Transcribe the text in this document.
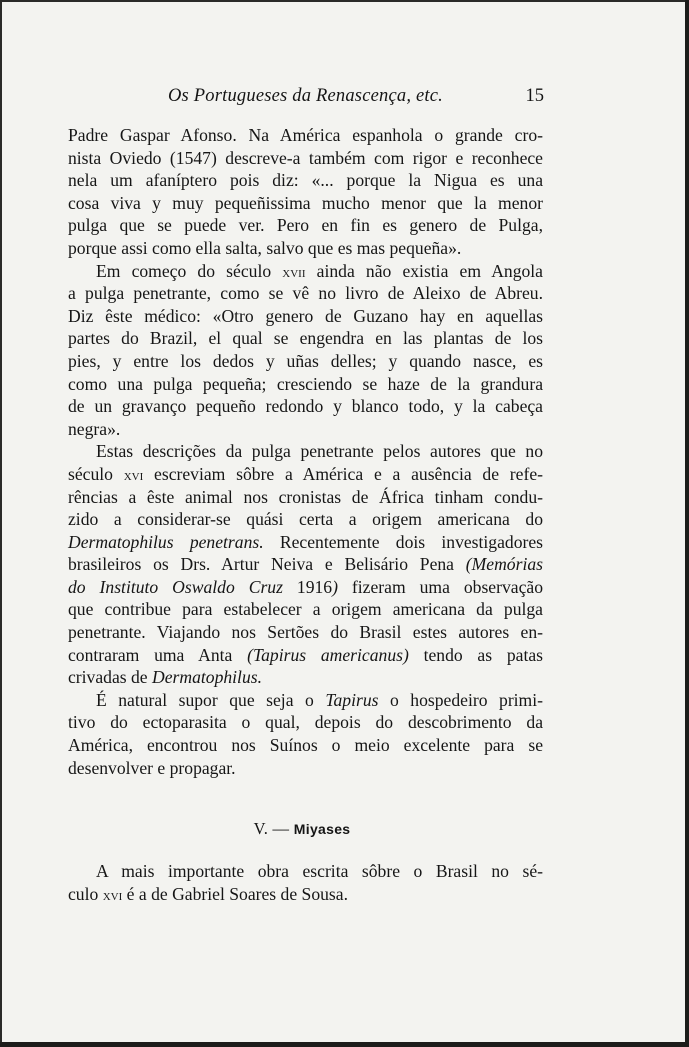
Os Portugueses da Renascença, etc.	15
Padre Gaspar Afonso. Na América espanhola o grande cro-
nista Oviedo (1547) descreve-a também com rigor e reconhece
nela um afaníptero pois diz: «... porque la Nigua es una
cosa viva y muy pequeñissima mucho menor que la menor
pulga que se puede ver. Pero en fin es genero de Pulga,
porque assi como ella salta, salvo que es mas pequeña».
Em começo do século xvii ainda não existia em Angola
a pulga penetrante, como se vê no livro de Aleixo de Abreu.
Diz êste médico: «Otro genero de Guzano hay en aquellas
partes do Brazil, el qual se engendra en las plantas de los
pies, y entre los dedos y uñas delles; y quando nasce, es
como una pulga pequeña; cresciendo se haze de la grandura
de un gravanço pequeño redondo y blanco todo, y la cabeça
negra».
Estas descrições da pulga penetrante pelos autores que no
século xvi escreviam sôbre a América e a ausência de refe-
rências a êste animal nos cronistas de África tinham condu-
zido a considerar-se quási certa a origem americana do
Dermatophilus penetrans. Recentemente dois investigadores
brasileiros os Drs. Artur Neiva e Belisário Pena (Memórias
do Instituto Oswaldo Cruz 1916) fizeram uma observação
que contribue para estabelecer a origem americana da pulga
penetrante. Viajando nos Sertões do Brasil estes autores en-
contraram uma Anta (Tapirus americanus) tendo as patas
crivadas de Dermatophilus.
É natural supor que seja o Tapirus o hospedeiro primi-
tivo do ectoparasita o qual, depois do descobrimento da
América, encontrou nos Suínos o meio excelente para se
desenvolver e propagar.
V. — Miyases
A mais importante obra escrita sôbre o Brasil no sé-
culo xvi é a de Gabriel Soares de Sousa.
